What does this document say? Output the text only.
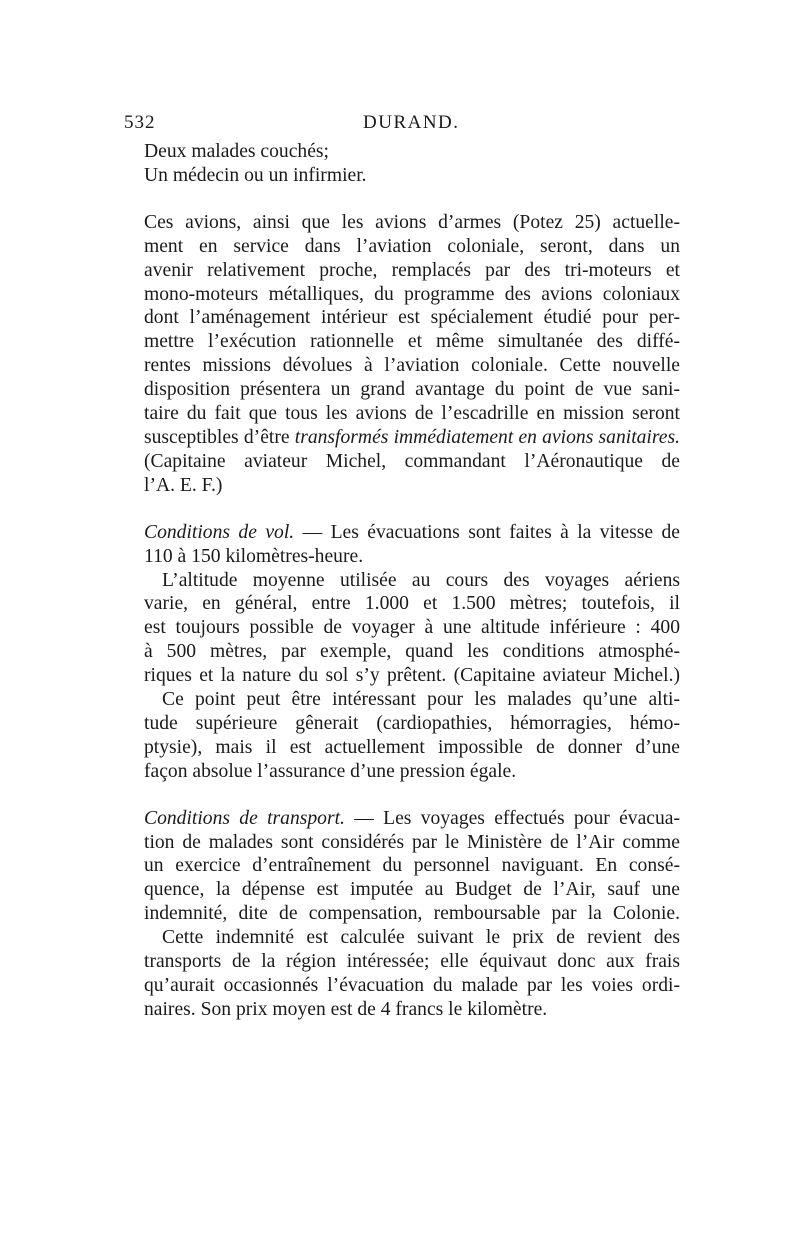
532	DURAND.
Deux malades couchés;
Un médecin ou un infirmier.
Ces avions, ainsi que les avions d’armes (Potez 25) actuelle-
ment en service dans l’aviation coloniale, seront, dans un
avenir relativement proche, remplacés par des tri-moteurs et
mono-moteurs métalliques, du programme des avions coloniaux
dont l’aménagement intérieur est spécialement étudié pour per-
mettre l’exécution rationnelle et même simultanée des diffé-
rentes missions dévolues à l’aviation coloniale. Cette nouvelle
disposition présentera un grand avantage du point de vue sani-
taire du fait que tous les avions de l’escadrille en mission seront
susceptibles d’être transformés immédiatement en avions sanitaires.
(Capitaine aviateur Michel, commandant l’Aéronautique de
l’A. E. F.)
Conditions de vol. — Les évacuations sont faites à la vitesse de
110 à 150 kilomètres-heure.
L’altitude moyenne utilisée au cours des voyages aériens
varie, en général, entre 1.000 et 1.500 mètres; toutefois, il
est toujours possible de voyager à une altitude inférieure : 400
à 500 mètres, par exemple, quand les conditions atmosphé-
riques et la nature du sol s’y prêtent. (Capitaine aviateur Michel.)
Ce point peut être intéressant pour les malades qu’une alti-
tude supérieure gênerait (cardiopathies, hémorragies, hémo-
ptysie), mais il est actuellement impossible de donner d’une
façon absolue l’assurance d’une pression égale.
Conditions de transport. — Les voyages effectués pour évacua-
tion de malades sont considérés par le Ministère de l’Air comme
un exercice d’entraînement du personnel naviguant. En consé-
quence, la dépense est imputée au Budget de l’Air, sauf une
indemnité, dite de compensation, remboursable par la Colonie.
Cette indemnité est calculée suivant le prix de revient des
transports de la région intéressée; elle équivaut donc aux frais
qu’aurait occasionnés l’évacuation du malade par les voies ordi-
naires. Son prix moyen est de 4 francs le kilomètre.
